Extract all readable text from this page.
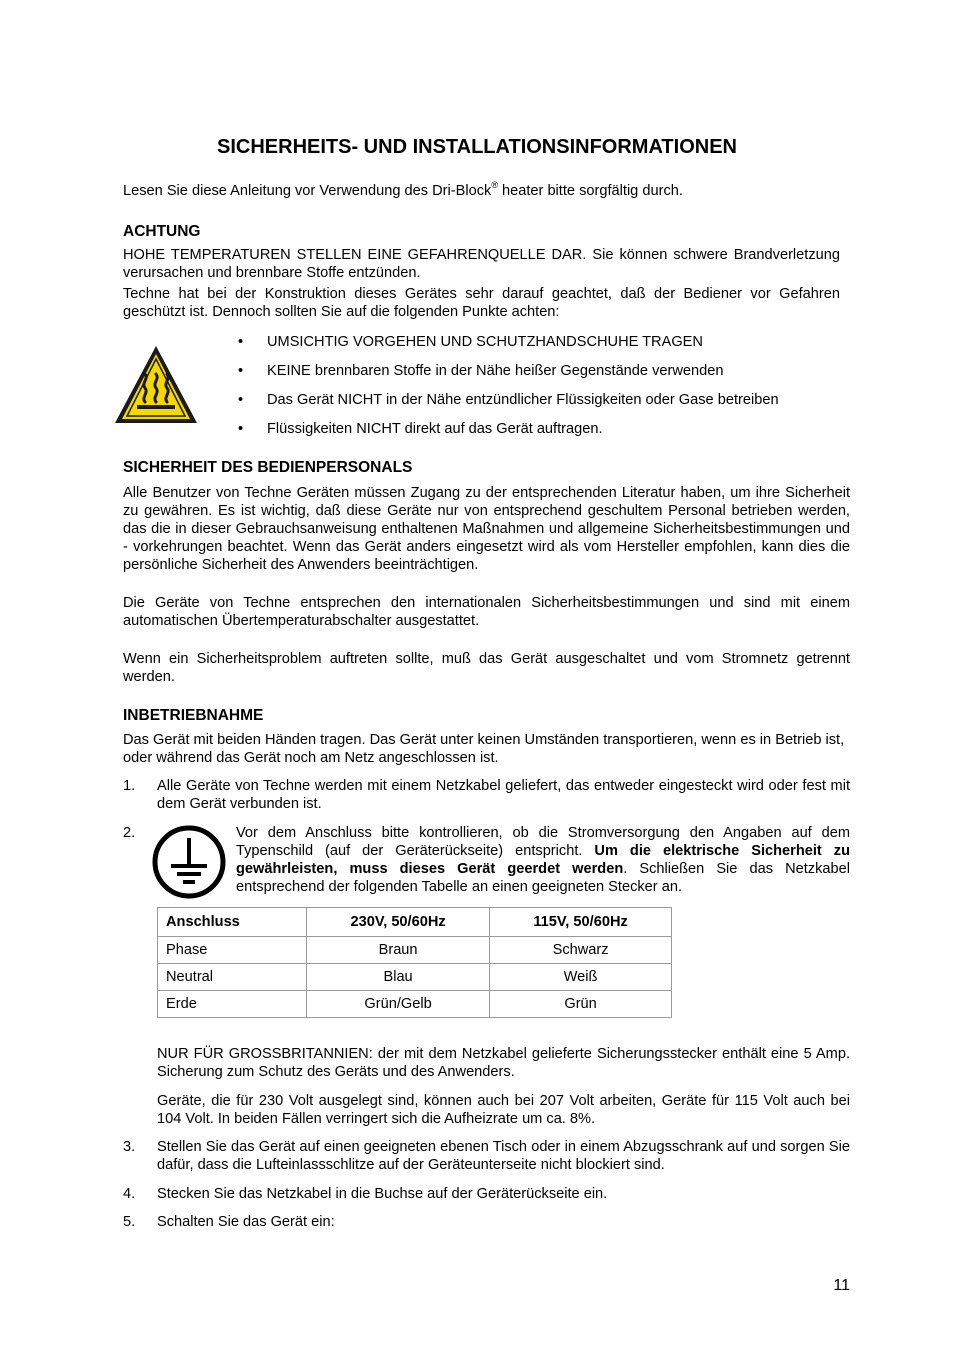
SICHERHEITS- UND INSTALLATIONSINFORMATIONEN

Lesen Sie diese Anleitung vor Verwendung des Dri-Block® heater bitte sorgfältig durch.

ACHTUNG

HOHE TEMPERATUREN STELLEN EINE GEFAHRENQUELLE DAR. Sie können schwere Brandverletzung verursachen und brennbare Stoffe entzünden.

Techne hat bei der Konstruktion dieses Gerätes sehr darauf geachtet, daß der Bediener vor Gefahren geschützt ist. Dennoch sollten Sie auf die folgenden Punkte achten:

• UMSICHTIG VORGEHEN UND SCHUTZHANDSCHUHE TRAGEN
• KEINE brennbaren Stoffe in der Nähe heißer Gegenstände verwenden
• Das Gerät NICHT in der Nähe entzündlicher Flüssigkeiten oder Gase betreiben
• Flüssigkeiten NICHT direkt auf das Gerät auftragen.
SICHERHEIT DES BEDIENPERSONALS

Alle Benutzer von Techne Geräten müssen Zugang zu der entsprechenden Literatur haben, um ihre Sicherheit zu gewähren. Es ist wichtig, daß diese Geräte nur von entsprechend geschultem Personal betrieben werden, das die in dieser Gebrauchsanweisung enthaltenen Maßnahmen und allgemeine Sicherheitsbestimmungen und - vorkehrungen beachtet. Wenn das Gerät anders eingesetzt wird als vom Hersteller empfohlen, kann dies die persönliche Sicherheit des Anwenders beeinträchtigen.

Die Geräte von Techne entsprechen den internationalen Sicherheitsbestimmungen und sind mit einem automatischen Übertemperaturabschalter ausgestattet.

Wenn ein Sicherheitsproblem auftreten sollte, muß das Gerät ausgeschaltet und vom Stromnetz getrennt werden.

INBETRIEBNAHME

Das Gerät mit beiden Händen tragen. Das Gerät unter keinen Umständen transportieren, wenn es in Betrieb ist, oder während das Gerät noch am Netz angeschlossen ist.

1. Alle Geräte von Techne werden mit einem Netzkabel geliefert, das entweder eingesteckt wird oder fest mit dem Gerät verbunden ist.

2.	Vor dem Anschluss bitte kontrollieren, ob die Stromversorgung den Angaben auf dem Typenschild (auf der Geräterückseite) entspricht. Um die elektrische Sicherheit zu gewährleisten, muss dieses Gerät geerdet werden. Schließen Sie das Netzkabel entsprechend der folgenden Tabelle an einen geeigneten Stecker an.

Anschluss	230V, 50/60Hz	115V, 50/60Hz
Phase	Braun	Schwarz
Neutral	Blau	Weiß
Erde	Grün/Gelb	Grün

NUR FÜR GROSSBRITANNIEN: der mit dem Netzkabel gelieferte Sicherungsstecker enthält eine 5 Amp. Sicherung zum Schutz des Geräts und des Anwenders.

Geräte, die für 230 Volt ausgelegt sind, können auch bei 207 Volt arbeiten, Geräte für 115 Volt auch bei 104 Volt. In beiden Fällen verringert sich die Aufheizrate um ca. 8%.

3. Stellen Sie das Gerät auf einen geeigneten ebenen Tisch oder in einem Abzugsschrank auf und sorgen Sie dafür, dass die Lufteinlassschlitze auf der Geräteunterseite nicht blockiert sind.

4. Stecken Sie das Netzkabel in die Buchse auf der Geräterückseite ein.

5. Schalten Sie das Gerät ein:

11
